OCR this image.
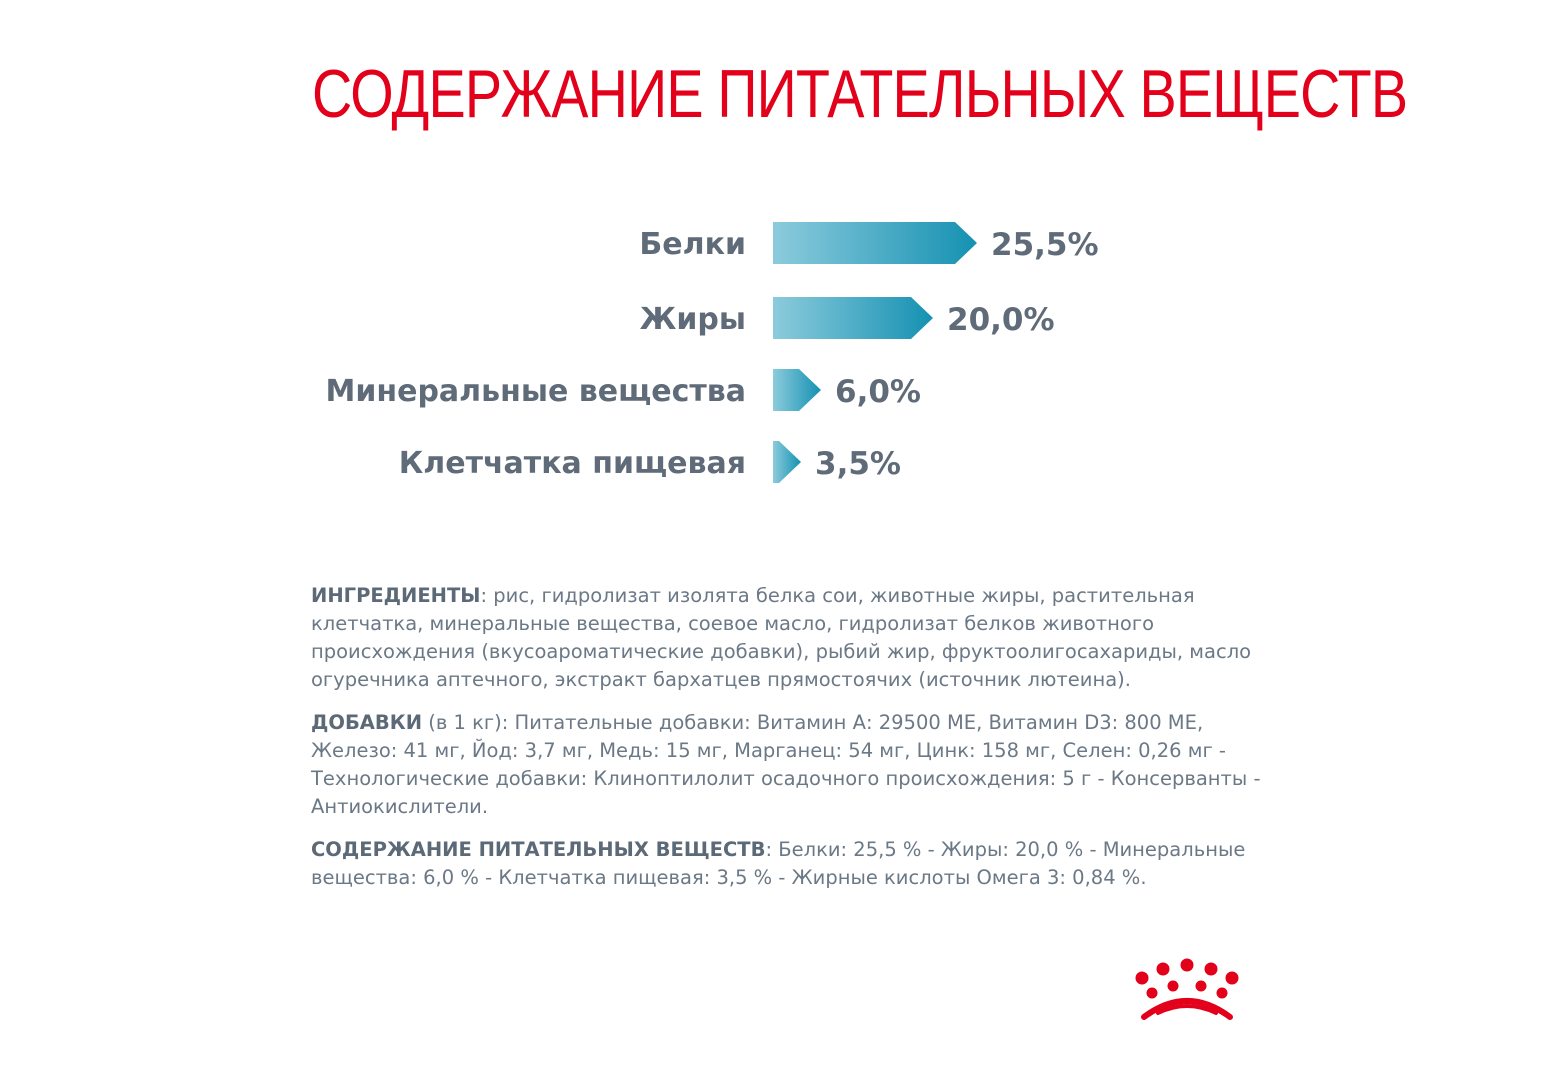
СОДЕРЖАНИЕ ПИТАТЕЛЬНЫХ ВЕЩЕСТВ
Белки	25,5%
Жиры	20,0%
Минеральные вещества	6,0%
Клетчатка пищевая 3,5%

ИНГРЕДИЕНТЫ: рис, гидролизат изолята белка сои, животные жиры, растительная клетчатка, минеральные вещества, соевое масло, гидролизат белков животного происхождения (вкусоароматические добавки), рыбий жир, фруктоолигосахариды, масло огуречника аптечного, экстракт бархатцев прямостоячих (источник лютеина).

ДОБАВКИ (в 1 кг): Питательные добавки: Витамин А: 29500 МЕ, Витамин D3: 800 МЕ, Железо: 41 мг, Йод: 3,7 мг, Медь: 15 мг, Марганец: 54 мг, Цинк: 158 мг, Селен: 0,26 мг - Технологические добавки: Клиноптилолит осадочного происхождения: 5 г - Консерванты - Антиокислители.

СОДЕРЖАНИЕ ПИТАТЕЛЬНЫХ ВЕЩЕСТВ: Белки: 25,5 % - Жиры: 20,0 % - Минеральные вещества: 6,0 % - Клетчатка пищевая: 3,5 % - Жирные кислоты Омега 3: 0,84 %.
